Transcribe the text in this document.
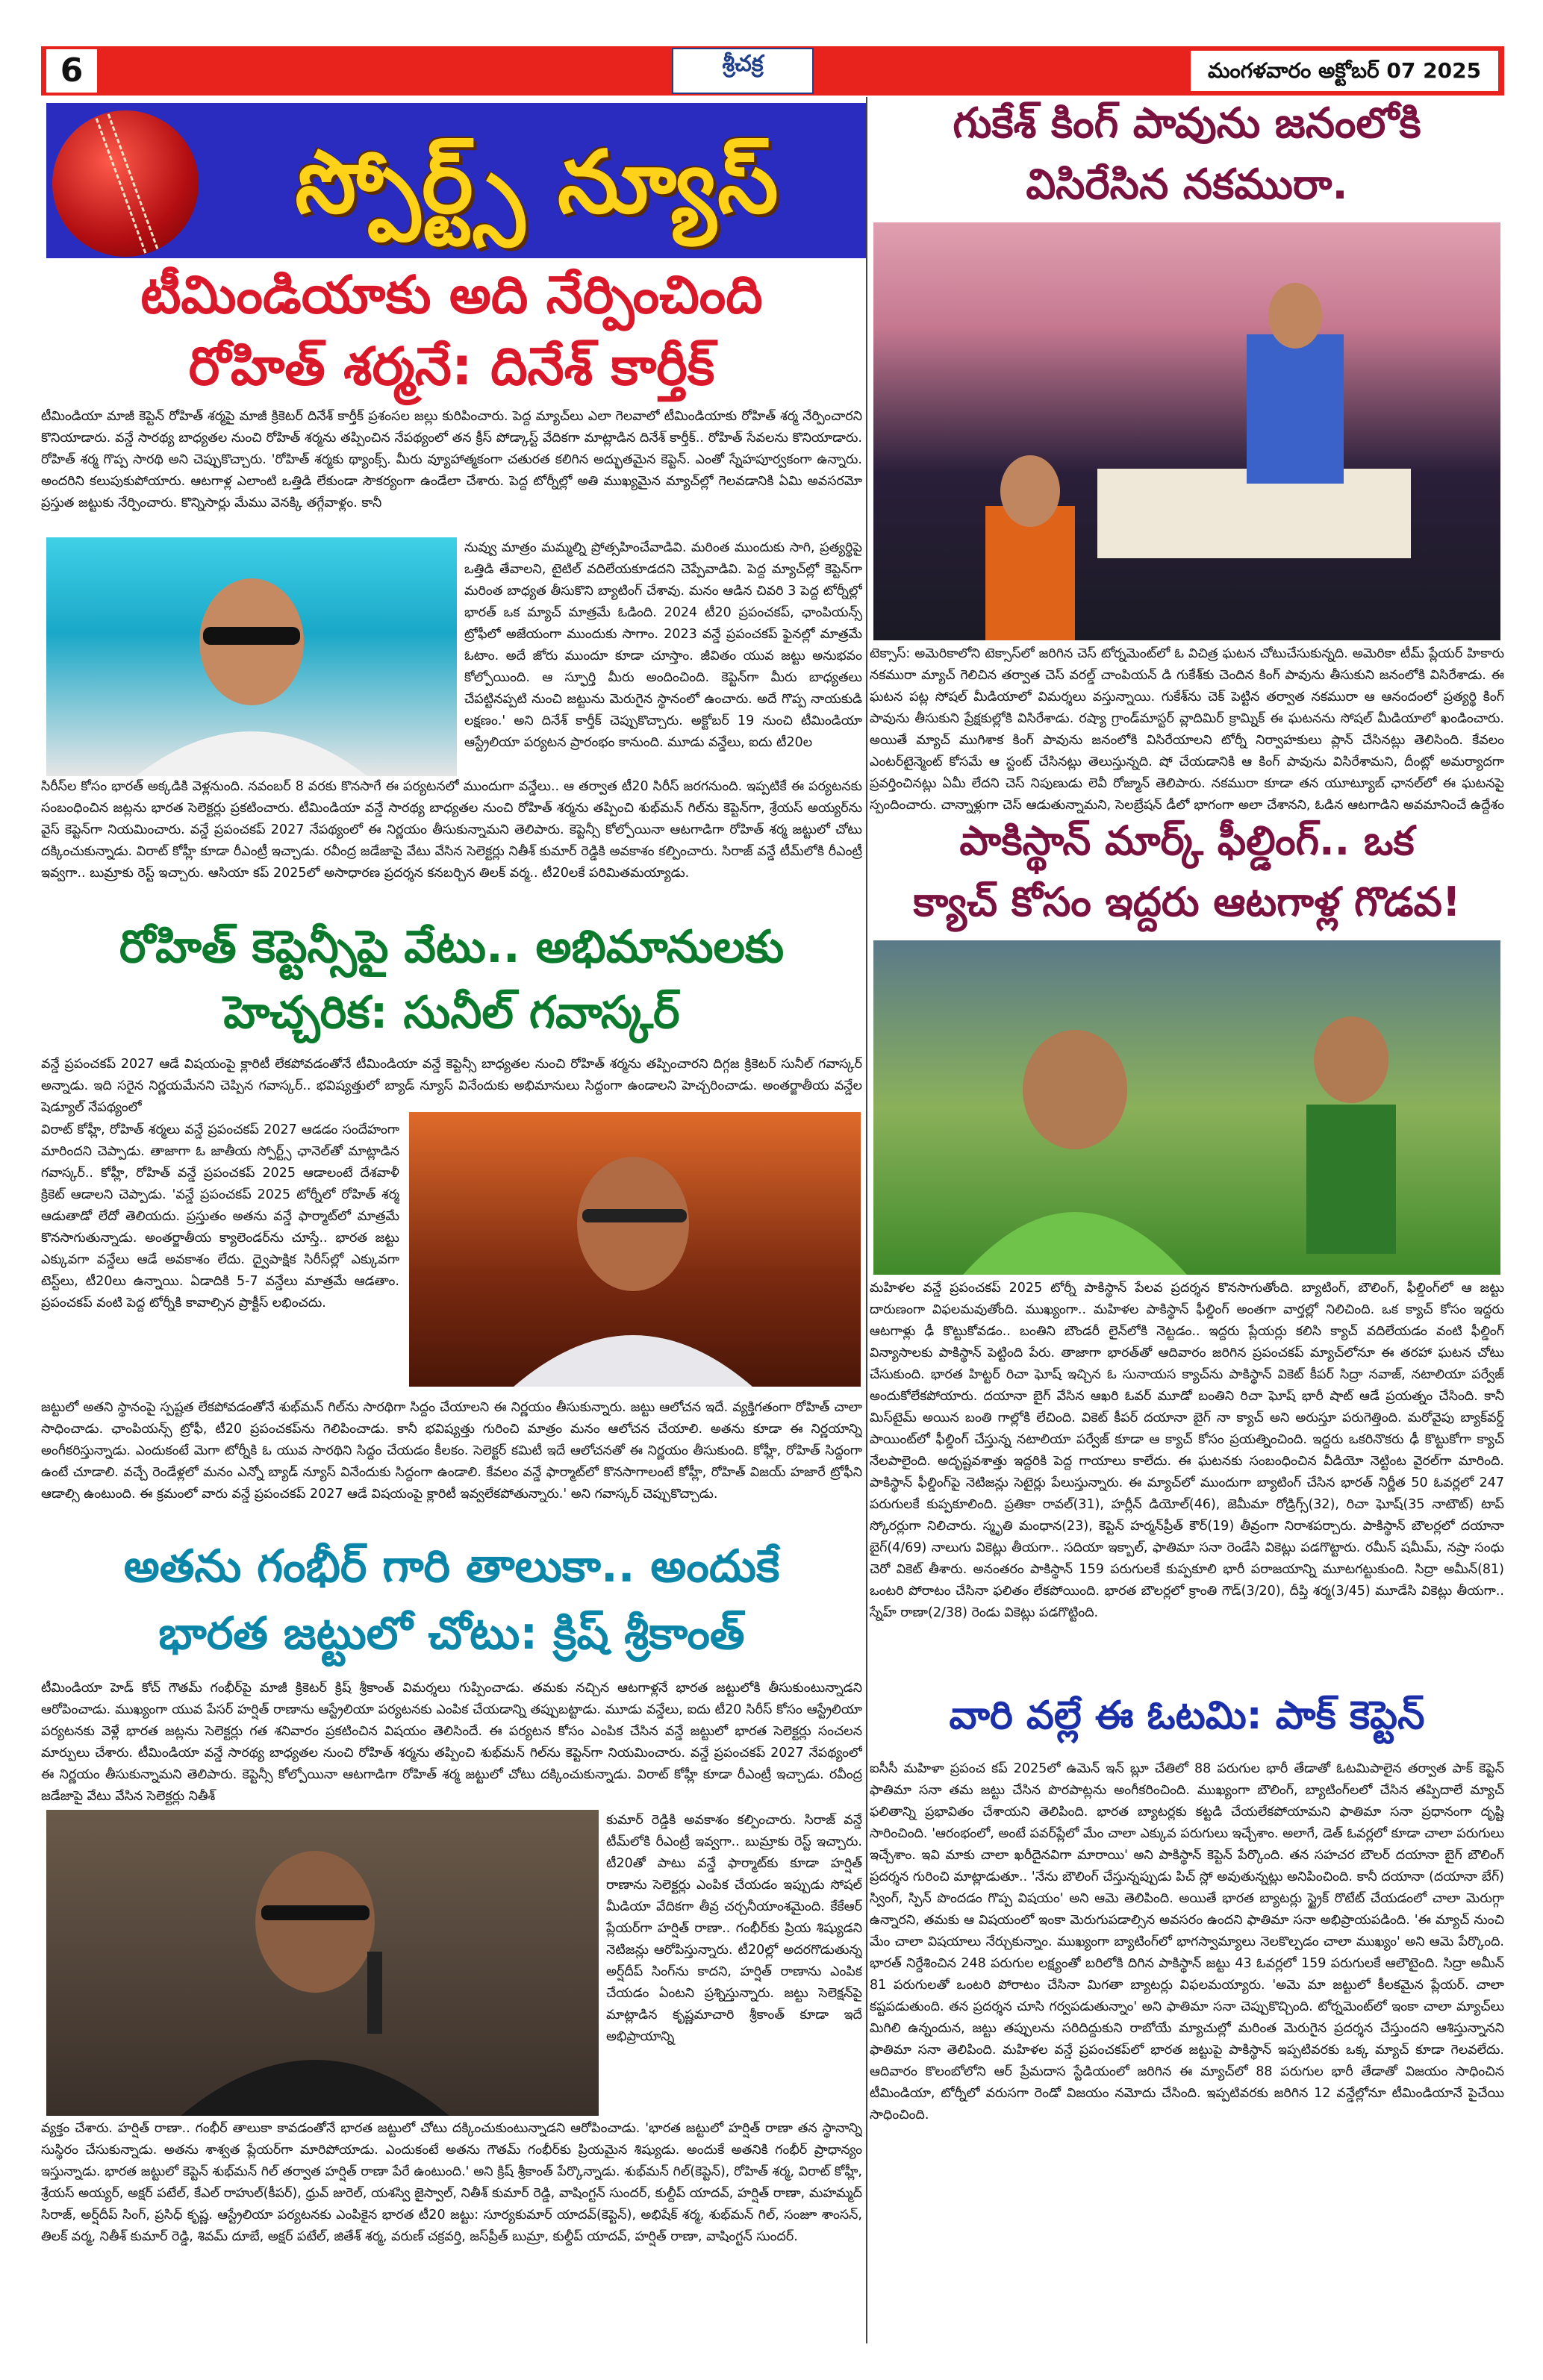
6	శ్రీచక్ర	మంగళవారం అక్టోబర్ 07 2025
స్పోర్ట్స్ న్యూస్
టీమిండియాకు అది నేర్పించింది
రోహిత్ శర్మనే: దినేశ్ కార్తీక్

టీమిండియా మాజీ కెప్టెన్ రోహిత్ శర్మపై మాజీ క్రికెటర్ దినేశ్ కార్తీక్ ప్రశంసల జల్లు కురిపించారు. పెద్ద మ్యాచ్‌లు ఎలా గెలవాలో టీమిండియాకు రోహిత్ శర్మ నేర్పించారని కొనియాడారు. వన్డే సారథ్య బాధ్యతల నుంచి రోహిత్ శర్మను తప్పించిన నేపథ్యంలో తన క్రీస్ పోడ్కాస్ట్ వేదికగా మాట్లాడిన దినేశ్ కార్తీక్.. రోహిత్ సేవలను కొనియాడారు. రోహిత్ శర్మ గొప్ప సారథి అని చెప్పుకొచ్చారు. 'రోహిత్ శర్మకు థ్యాంక్స్. మీరు వ్యూహాత్మకంగా చతురత కలిగిన అద్భుతమైన కెప్టెన్. ఎంతో స్నేహపూర్వకంగా ఉన్నారు. అందరిని కలుపుకుపోయారు. ఆటగాళ్ల ఎలాంటి ఒత్తిడి లేకుండా సౌకర్యంగా ఉండేలా చేశారు. పెద్ద టోర్నీల్లో అతి ముఖ్యమైన మ్యాచ్‌ల్లో గెలవడానికి ఏమి అవసరమో ప్రస్తుత జట్టుకు నేర్పించారు. కొన్నిసార్లు మేము వెనక్కి తగ్గేవాళ్లం. కానీ

నువ్వు మాత్రం మమ్మల్ని ప్రోత్సహించేవాడివి. మరింత ముందుకు సాగి, ప్రత్యర్థిపై ఒత్తిడి తేవాలని, టైటిల్ వదిలేయకూడదని చెప్పేవాడివి. పెద్ద మ్యాచ్‌ల్లో కెప్టెన్‌గా మరింత బాధ్యత తీసుకొని బ్యాటింగ్ చేశావు. మనం ఆడిన చివరి 3 పెద్ద టోర్నీల్లో భారత్ ఒక మ్యాచ్ మాత్రమే ఓడింది. 2024 టీ20 ప్రపంచకప్, ఛాంపియన్స్ ట్రోఫీలో అజేయంగా ముందుకు సాగాం. 2023 వన్డే ప్రపంచకప్ ఫైనల్లో మాత్రమే ఓటాం. అదే జోరు ముందూ కూడా చూస్తాం. జీవితం యువ జట్టు అనుభవం కోల్పోయింది. ఆ స్ఫూర్తి మీరు అందించింది. కెప్టెన్‌గా మీరు బాధ్యతలు చేపట్టినప్పటి నుంచి జట్టును మెరుగైన స్థానంలో ఉంచారు. అదే గొప్ప నాయకుడి లక్షణం.' అని దినేశ్ కార్తీక్ చెప్పుకొచ్చారు. అక్టోబర్ 19 నుంచి టీమిండియా ఆస్ట్రేలియా పర్యటన ప్రారంభం కానుంది. మూడు వన్డేలు, ఐదు టీ20ల

సిరీస్‌ల కోసం భారత్ అక్కడికి వెళ్లనుంది. నవంబర్ 8 వరకు కొనసాగే ఈ పర్యటనలో ముందుగా వన్డేలు.. ఆ తర్వాత టీ20 సిరీస్ జరగనుంది. ఇప్పటికే ఈ పర్యటనకు సంబంధించిన జట్లను భారత సెలెక్టర్లు ప్రకటించారు. టీమిండియా వన్డే సారథ్య బాధ్యతల నుంచి రోహిత్ శర్మను తప్పించి శుభ్‌మన్ గిల్‌ను కెప్టెన్‌గా, శ్రేయస్ అయ్యర్‌ను వైస్ కెప్టెన్‌గా నియమించారు. వన్డే ప్రపంచకప్ 2027 నేపథ్యంలో ఈ నిర్ణయం తీసుకున్నామని తెలిపారు. కెప్టెన్సీ కోల్పోయినా ఆటగాడిగా రోహిత్ శర్మ జట్టులో చోటు దక్కించుకున్నాడు. విరాట్ కోహ్లీ కూడా రీఎంట్రీ ఇచ్చాడు. రవీంద్ర జడేజాపై వేటు వేసిన సెలెక్టర్లు నితీశ్ కుమార్ రెడ్డికి అవకాశం కల్పించారు. సిరాజ్ వన్డే టీమ్‌లోకి రీఎంట్రీ ఇవ్వగా.. బుమ్రాకు రెస్ట్ ఇచ్చారు. ఆసియా కప్ 2025లో అసాధారణ ప్రదర్శన కనబర్చిన తిలక్ వర్మ.. టీ20లకే పరిమితమయ్యాడు.

రోహిత్ కెప్టెన్సీపై వేటు.. అభిమానులకు
హెచ్చరిక: సునీల్ గవాస్కర్

వన్డే ప్రపంచకప్ 2027 ఆడే విషయంపై క్లారిటీ లేకపోవడంతోనే టీమిండియా వన్డే కెప్టెన్సీ బాధ్యతల నుంచి రోహిత్ శర్మను తప్పించారని దిగ్గజ క్రికెటర్ సునీల్ గవాస్కర్ అన్నాడు. ఇది సరైన నిర్ణయమేనని చెప్పిన గవాస్కర్.. భవిష్యత్తులో బ్యాడ్ న్యూస్ వినేందుకు అభిమానులు సిద్దంగా ఉండాలని హెచ్చరించాడు. అంతర్జాతీయ వన్డేల షెడ్యూల్ నేపథ్యంలో

విరాట్ కోహ్లీ, రోహిత్ శర్మలు వన్డే ప్రపంచకప్ 2027 ఆడడం సందేహంగా మారిందని చెప్పాడు. తాజాగా ఓ జాతీయ స్పోర్ట్స్ ఛానెల్‌తో మాట్లాడిన గవాస్కర్.. కోహ్లీ, రోహిత్ వన్డే ప్రపంచకప్ 2025 ఆడాలంటే దేశవాళీ క్రికెట్ ఆడాలని చెప్పాడు. 'వన్డే ప్రపంచకప్ 2025 టోర్నీలో రోహిత్ శర్మ ఆడుతాడో లేదో తెలియదు. ప్రస్తుతం అతను వన్డే ఫార్మాట్‌లో మాత్రమే కొనసాగుతున్నాడు. అంతర్జాతీయ క్యాలెండర్‌ను చూస్తే.. భారత జట్టు ఎక్కువగా వన్డేలు ఆడే అవకాశం లేదు. ద్వైపాక్షిక సిరీస్‌ల్లో ఎక్కువగా టెస్ట్‌లు, టీ20లు ఉన్నాయి. ఏడాదికి 5-7 వన్డేలు మాత్రమే ఆడతాం. ప్రపంచకప్ వంటి పెద్ద టోర్నీకి కావాల్సిన ప్రాక్టీస్ లభించదు.

జట్టులో అతని స్థానంపై స్పష్టత లేకపోవడంతోనే శుభ్‌మన్ గిల్‌ను సారథిగా సిద్దం చేయాలని ఈ నిర్ణయం తీసుకున్నారు. జట్టు ఆలోచన ఇదే. వ్యక్తిగతంగా రోహిత్ చాలా సాధించాడు. ఛాంపియన్స్ ట్రోఫీ, టీ20 ప్రపంచకప్‌ను గెలిపించాడు. కానీ భవిష్యత్తు గురించి మాత్రం మనం ఆలోచన చేయాలి. అతను కూడా ఈ నిర్ణయాన్ని అంగీకరిస్తున్నాడు. ఎందుకంటే మెగా టోర్నీకి ఓ యువ సారథిని సిద్దం చేయడం కీలకం. సెలెక్టర్ కమిటీ ఇదే ఆలోచనతో ఈ నిర్ణయం తీసుకుంది. కోహ్లీ, రోహిత్ సిద్దంగా ఉంటే చూడాలి. వచ్చే రెండేళ్లలో మనం ఎన్నో బ్యాడ్ న్యూస్ వినేందుకు సిద్దంగా ఉండాలి. కేవలం వన్డే ఫార్మాట్‌లో కొనసాగాలంటే కోహ్లీ, రోహిత్ విజయ్ హజారే ట్రోఫీని ఆడాల్సి ఉంటుంది. ఈ క్రమంలో వారు వన్డే ప్రపంచకప్ 2027 ఆడే విషయంపై క్లారిటీ ఇవ్వలేకపోతున్నారు.' అని గవాస్కర్ చెప్పుకొచ్చాడు.

అతను గంభీర్ గారి తాలుకా.. అందుకే
భారత జట్టులో చోటు: క్రిష్ శ్రీకాంత్

టీమిండియా హెడ్ కోచ్ గౌతమ్ గంభీర్‌పై మాజీ క్రికెటర్ క్రిష్ శ్రీకాంత్ విమర్శలు గుప్పించాడు. తమకు నచ్చిన ఆటగాళ్లనే భారత జట్టులోకి తీసుకుంటున్నాడని ఆరోపించాడు. ముఖ్యంగా యువ పేసర్ హర్షిత్ రాణాను ఆస్ట్రేలియా పర్యటనకు ఎంపిక చేయడాన్ని తప్పుబట్టాడు. మూడు వన్డేలు, ఐదు టీ20 సిరీస్ కోసం ఆస్ట్రేలియా పర్యటనకు వెళ్లే భారత జట్లను సెలెక్టర్లు గత శనివారం ప్రకటించిన విషయం తెలిసిందే. ఈ పర్యటన కోసం ఎంపిక చేసిన వన్డే జట్టులో భారత సెలెక్టర్లు సంచలన మార్పులు చేశారు. టీమిండియా వన్డే సారథ్య బాధ్యతల నుంచి రోహిత్ శర్మను తప్పించి శుభ్‌మన్ గిల్‌ను కెప్టెన్‌గా నియమించారు. వన్డే ప్రపంచకప్ 2027 నేపథ్యంలో ఈ నిర్ణయం తీసుకున్నామని తెలిపారు. కెప్టెన్సీ కోల్పోయినా ఆటగాడిగా రోహిత్ శర్మ జట్టులో చోటు దక్కించుకున్నాడు. విరాట్ కోహ్లీ కూడా రీఎంట్రీ ఇచ్చాడు. రవీంద్ర జడేజాపై వేటు వేసిన సెలెక్టర్లు నితీశ్

కుమార్ రెడ్డికి అవకాశం కల్పించారు. సిరాజ్ వన్డే టీమ్‌లోకి రీఎంట్రీ ఇవ్వగా.. బుమ్రాకు రెస్ట్ ఇచ్చారు. టీ20తో పాటు వన్డే ఫార్మాట్‌కు కూడా హర్షిత్ రాణాను సెలెక్టర్లు ఎంపిక చేయడం ఇప్పుడు సోషల్ మీడియా వేదికగా తీవ్ర చర్చనీయాంశమైంది. కేకేఆర్ ప్లేయర్‌గా హర్షిత్ రాణా.. గంభీర్‌కు ప్రియ శిష్యుడని నెటిజన్లు ఆరోపిస్తున్నారు. టీ20ల్లో అదరగొడుతున్న అర్ష్‌దీప్ సింగ్‌ను కాదని, హర్షిత్ రాణాను ఎంపిక చేయడం ఏంటని ప్రశ్నిస్తున్నారు. జట్టు సెలెక్షన్‌పై మాట్లాడిన కృష్ణమాచారి శ్రీకాంత్ కూడా ఇదే అభిప్రాయాన్ని

వ్యక్తం చేశారు. హర్షిత్ రాణా.. గంభీర్ తాలుకా కావడంతోనే భారత జట్టులో చోటు దక్కించుకుంటున్నాడని ఆరోపించాడు. 'భారత జట్టులో హర్షిత్ రాణా తన స్థానాన్ని సుస్థిరం చేసుకున్నాడు. అతను శాశ్వత ప్లేయర్‌గా మారిపోయాడు. ఎందుకంటే అతను గౌతమ్ గంభీర్‌కు ప్రియమైన శిష్యుడు. అందుకే అతనికి గంభీర్ ప్రాధాన్యం ఇస్తున్నాడు. భారత జట్టులో కెప్టెన్ శుభ్‌మన్ గిల్ తర్వాత హర్షిత్ రాణా పేరే ఉంటుంది.' అని క్రిష్ శ్రీకాంత్ పేర్కొన్నాడు. శుభ్‌మన్ గిల్(కెప్టెన్), రోహిత్ శర్మ, విరాట్ కోహ్లీ, శ్రేయస్ అయ్యర్, అక్షర్ పటేల్, కేఎల్ రాహుల్(కీపర్), ధ్రువ్ జురెల్, యశస్వి జైస్వాల్, నితీశ్ కుమార్ రెడ్డి, వాషింగ్టన్ సుందర్, కుల్దీప్ యాదవ్, హర్షిత్ రాణా, మహమ్మద్ సిరాజ్, అర్ష్‌దీప్ సింగ్, ప్రసిధ్ కృష్ణ. ఆస్ట్రేలియా పర్యటనకు ఎంపికైన భారత టీ20 జట్టు: సూర్యకుమార్ యాదవ్(కెప్టెన్), అభిషేక్ శర్మ, శుభ్‌మన్ గిల్, సంజూ శాంసన్, తిలక్ వర్మ, నితీశ్ కుమార్ రెడ్డి, శివమ్ దూబే, అక్షర్ పటేల్, జితేశ్ శర్మ, వరుణ్ చక్రవర్తి, జస్‌ప్రీత్ బుమ్రా, కుల్దీప్ యాదవ్, హర్షిత్ రాణా, వాషింగ్టన్ సుందర్.

గుకేశ్ కింగ్ పావును జనంలోకి
విసిరేసిన నకమురా.

టెక్సాస్: అమెరికాలోని టెక్సాస్‌లో జరిగిన చెస్ టోర్నమెంట్‌లో ఓ విచిత్ర ఘటన చోటుచేసుకున్నది. అమెరికా టీమ్ ప్లేయర్ హికారు నకమురా మ్యాచ్ గెలిచిన తర్వాత చెస్ వరల్డ్ చాంపియన్ డి గుకేశ్‌కు చెందిన కింగ్ పావును తీసుకుని జనంలోకి విసిరేశాడు. ఈ ఘటన పట్ల సోషల్ మీడియాలో విమర్శలు వస్తున్నాయి. గుకేశ్‌ను చెక్ పెట్టిన తర్వాత నకమురా ఆ ఆనందంలో ప్రత్యర్థి కింగ్ పావును తీసుకుని ప్రేక్షకుల్లోకి విసిరేశాడు. రష్యా గ్రాండ్‌మాస్టర్ వ్లాదిమిర్ క్రామ్నిక్ ఈ ఘటనను సోషల్ మీడియాలో ఖండించారు. అయితే మ్యాచ్ ముగిశాక కింగ్ పావును జనంలోకి విసిరేయాలని టోర్నీ నిర్వాహకులు ప్లాన్ చేసినట్లు తెలిసింది. కేవలం ఎంటర్‌టైన్మెంట్ కోసమే ఆ స్టంట్ చేసినట్లు తెలుస్తున్నది. షో చేయడానికి ఆ కింగ్ పావును విసిరేశామని, దీంట్లో అమర్యాదగా ప్రవర్తించినట్లు ఏమీ లేదని చెస్ నిపుణుడు లెవీ రోజ్మాన్ తెలిపారు. నకమురా కూడా తన యూట్యూబ్ ఛానల్‌లో ఈ ఘటనపై స్పందించారు. చాన్నాళ్లుగా చెస్ ఆడుతున్నామని, సెలబ్రేషన్ డీలో భాగంగా అలా చేశానని, ఓడిన ఆటగాడిని అవమానించే ఉద్దేశం

పాకిస్థాన్ మార్క్ ఫీల్డింగ్.. ఒక
క్యాచ్ కోసం ఇద్దరు ఆటగాళ్ల గొడవ!

మహిళల వన్డే ప్రపంచకప్ 2025 టోర్నీ పాకిస్థాన్ పేలవ ప్రదర్శన కొనసాగుతోంది. బ్యాటింగ్, బౌలింగ్, ఫీల్డింగ్‌లో ఆ జట్టు దారుణంగా విఫలమవుతోంది. ముఖ్యంగా.. మహిళల పాకిస్థాన్ ఫీల్డింగ్ అంతగా వార్తల్లో నిలిచింది. ఒక క్యాచ్ కోసం ఇద్దరు ఆటగాళ్లు ఢీ కొట్టుకోవడం.. బంతిని బౌండరీ లైన్‌లోకి నెట్టడం.. ఇద్దరు ప్లేయర్లు కలిసి క్యాచ్ వదిలేయడం వంటి ఫీల్డింగ్ విన్యాసాలకు పాకిస్థాన్ పెట్టింది పేరు. తాజాగా భారత్‌తో ఆదివారం జరిగిన ప్రపంచకప్ మ్యాచ్‌లోనూ ఈ తరహా ఘటన చోటు చేసుకుంది. భారత హిట్టర్ రిచా ఘోష్ ఇచ్చిన ఓ సునాయస క్యాచ్‌ను పాకిస్థాన్ వికెట్ కీపర్ సిద్రా నవాజ్, నటాలియా పర్వేజ్ అందుకోలేకపోయారు. దయానా బైగ్ వేసిన ఆఖరి ఓవర్ మూడో బంతిని రిచా ఘోష్ భారీ షాట్ ఆడే ప్రయత్నం చేసింది. కానీ మిస్‌టైమ్ అయిన బంతి గాల్లోకి లేచింది. వికెట్ కీపర్ దయానా బైగ్ నా క్యాచ్ అని అరుస్తూ పరుగెత్తింది. మరోవైపు బ్యాక్‌వర్డ్ పాయింట్‌లో ఫీల్డింగ్ చేస్తున్న నటాలియా పర్వేజ్ కూడా ఆ క్యాచ్ కోసం ప్రయత్నించింది. ఇద్దరు ఒకరినొకరు ఢీ కొట్టుకోగా క్యాచ్ నేలపాలైంది. అదృష్టవశాత్తు ఇద్దరికి పెద్ద గాయాలు కాలేదు. ఈ ఘటనకు సంబంధించిన వీడియో నెట్టింట వైరల్‌గా మారింది. పాకిస్థాన్ ఫీల్డింగ్‌పై నెటిజన్లు సెటైర్లు పేలుస్తున్నారు. ఈ మ్యాచ్‌లో ముందుగా బ్యాటింగ్ చేసిన భారత్ నిర్ణీత 50 ఓవర్లలో 247 పరుగులకే కుప్పకూలింది. ప్రతికా రావల్(31), హర్లీన్ డియోల్(46), జెమీమా రోడ్రిగ్స్(32), రిచా ఘోష్(35 నాటౌట్) టాప్ స్కోరర్లుగా నిలిచారు. స్మృతి మంధాన(23), కెప్టెన్ హర్మన్‌ప్రీత్ కౌర్(19) తీవ్రంగా నిరాశపర్చారు. పాకిస్థాన్ బౌలర్లలో దయానా బైగ్(4/69) నాలుగు వికెట్లు తీయగా.. సదియా ఇక్బాల్, ఫాతిమా సనా రెండేసి వికెట్లు పడగొట్టారు. రమీన్ షమీమ్, నష్రా సంధు చెరో వికెట్ తీశారు. అనంతరం పాకిస్థాన్ 159 పరుగులకే కుప్పకూలి భారీ పరాజయాన్ని మూటగట్టుకుంది. సిద్రా అమీన్(81) ఒంటరి పోరాటం చేసినా ఫలితం లేకపోయింది. భారత బౌలర్లలో క్రాంతి గౌడ్(3/20), దీప్తి శర్మ(3/45) మూడేసి వికెట్లు తీయగా.. స్నేహ్ రాణా(2/38) రెండు వికెట్లు పడగొట్టింది.

వారి వల్లే ఈ ఓటమి: పాక్ కెప్టెన్

ఐసీసీ మహిళా ప్రపంచ కప్ 2025లో ఉమెన్ ఇన్ బ్లూ చేతిలో 88 పరుగుల భారీ తేడాతో ఓటమిపాలైన తర్వాత పాక్ కెప్టెన్ ఫాతిమా సనా తమ జట్టు చేసిన పొరపాట్లను అంగీకరించింది. ముఖ్యంగా బౌలింగ్, బ్యాటింగ్‌లలో చేసిన తప్పిదాలే మ్యాచ్ ఫలితాన్ని ప్రభావితం చేశాయని తెలిపింది. భారత బ్యాటర్లకు కట్టడి చేయలేకపోయామని ఫాతిమా సనా ప్రధానంగా దృష్టి సారించింది. 'ఆరంభంలో, అంటే పవర్‌ప్లేలో మేం చాలా ఎక్కువ పరుగులు ఇచ్చేశాం. అలాగే, డెత్ ఓవర్లలో కూడా చాలా పరుగులు ఇచ్చేశాం. ఇవి మాకు చాలా ఖరీదైనవిగా మారాయి' అని పాకిస్థాన్ కెప్టెన్ పేర్కొంది. తన సహచర బౌలర్ దయానా బైగ్ బౌలింగ్ ప్రదర్శన గురించి మాట్లాడుతూ.. 'నేను బౌలింగ్ చేస్తున్నప్పుడు పిచ్ స్లో అవుతున్నట్లు అనిపించింది. కానీ దయానా (దయానా బేగ్) స్వింగ్, స్పిన్ పొందడం గొప్ప విషయం' అని ఆమె తెలిపింది. అయితే భారత బ్యాటర్లు స్ట్రైక్ రొటేట్ చేయడంలో చాలా మెరుగ్గా ఉన్నారని, తమకు ఆ విషయంలో ఇంకా మెరుగుపడాల్సిన అవసరం ఉందని ఫాతిమా సనా అభిప్రాయపడింది. 'ఈ మ్యాచ్ నుంచి మేం చాలా విషయాలు నేర్చుకున్నాం. ముఖ్యంగా బ్యాటింగ్‌లో భాగస్వామ్యాలు నెలకొల్పడం చాలా ముఖ్యం' అని ఆమె పేర్కొంది. భారత్ నిర్దేశించిన 248 పరుగుల లక్ష్యంతో బరిలోకి దిగిన పాకిస్థాన్ జట్టు 43 ఓవర్లలో 159 పరుగులకే ఆలౌటైంది. సిద్రా అమీన్ 81 పరుగులతో ఒంటరి పోరాటం చేసినా మిగతా బ్యాటర్లు విఫలమయ్యారు. 'అమె మా జట్టులో కీలకమైన ప్లేయర్. చాలా కష్టపడుతుంది. తన ప్రదర్శన చూసి గర్వపడుతున్నాం' అని ఫాతిమా సనా చెప్పుకొచ్చింది. టోర్నమెంట్‌లో ఇంకా చాలా మ్యాచ్‌లు మిగిలి ఉన్నందున, జట్టు తప్పులను సరిదిద్దుకుని రాబోయే మ్యాచుల్లో మరింత మెరుగైన ప్రదర్శన చేస్తుందని ఆశిస్తున్నానని ఫాతిమా సనా తెలిపింది. మహిళల వన్డే ప్రపంచకప్‌లో భారత జట్టుపై పాకిస్థాన్ ఇప్పటివరకు ఒక్క మ్యాచ్ కూడా గెలవలేదు. ఆదివారం కొలంబోలోని ఆర్ ప్రేమదాస స్టేడియంలో జరిగిన ఈ మ్యాచ్‌లో 88 పరుగుల భారీ తేడాతో విజయం సాధించిన టీమిండియా, టోర్నీలో వరుసగా రెండో విజయం నమోదు చేసింది. ఇప్పటివరకు జరిగిన 12 వన్డేల్లోనూ టీమిండియానే పైచేయి సాధించింది.
